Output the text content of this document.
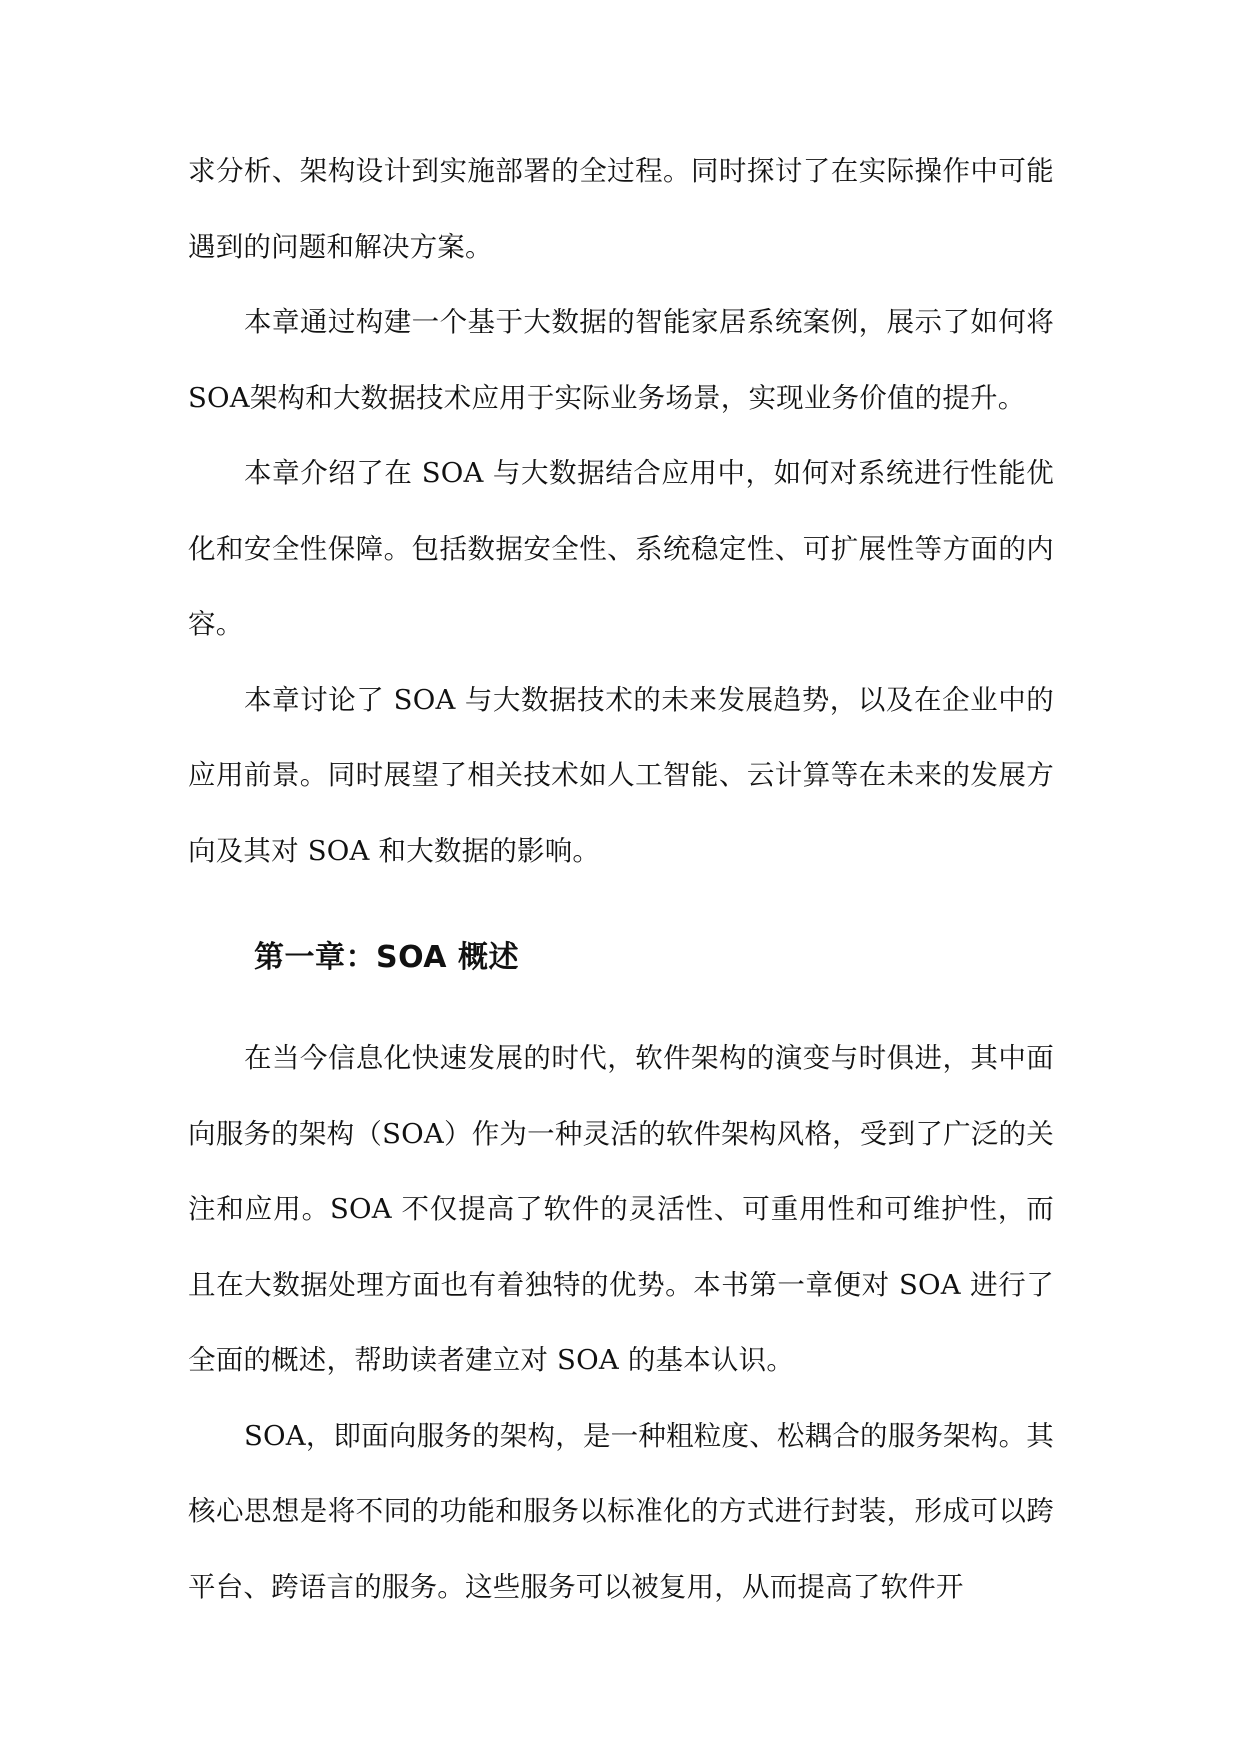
求分析、架构设计到实施部署的全过程。同时探讨了在实际操作中可能遇到的问题和解决方案。

本章通过构建一个基于大数据的智能家居系统案例，展示了如何将SOA架构和大数据技术应用于实际业务场景，实现业务价值的提升。

本章介绍了在 SOA 与大数据结合应用中，如何对系统进行性能优化和安全性保障。包括数据安全性、系统稳定性、可扩展性等方面的内容。

本章讨论了 SOA 与大数据技术的未来发展趋势，以及在企业中的应用前景。同时展望了相关技术如人工智能、云计算等在未来的发展方向及其对 SOA 和大数据的影响。

第一章：SOA 概述

在当今信息化快速发展的时代，软件架构的演变与时俱进，其中面向服务的架构（SOA）作为一种灵活的软件架构风格，受到了广泛的关注和应用。SOA 不仅提高了软件的灵活性、可重用性和可维护性，而且在大数据处理方面也有着独特的优势。本书第一章便对 SOA 进行了全面的概述，帮助读者建立对 SOA 的基本认识。

SOA，即面向服务的架构，是一种粗粒度、松耦合的服务架构。其核心思想是将不同的功能和服务以标准化的方式进行封装，形成可以跨平台、跨语言的服务。这些服务可以被复用，从而提高了软件开
